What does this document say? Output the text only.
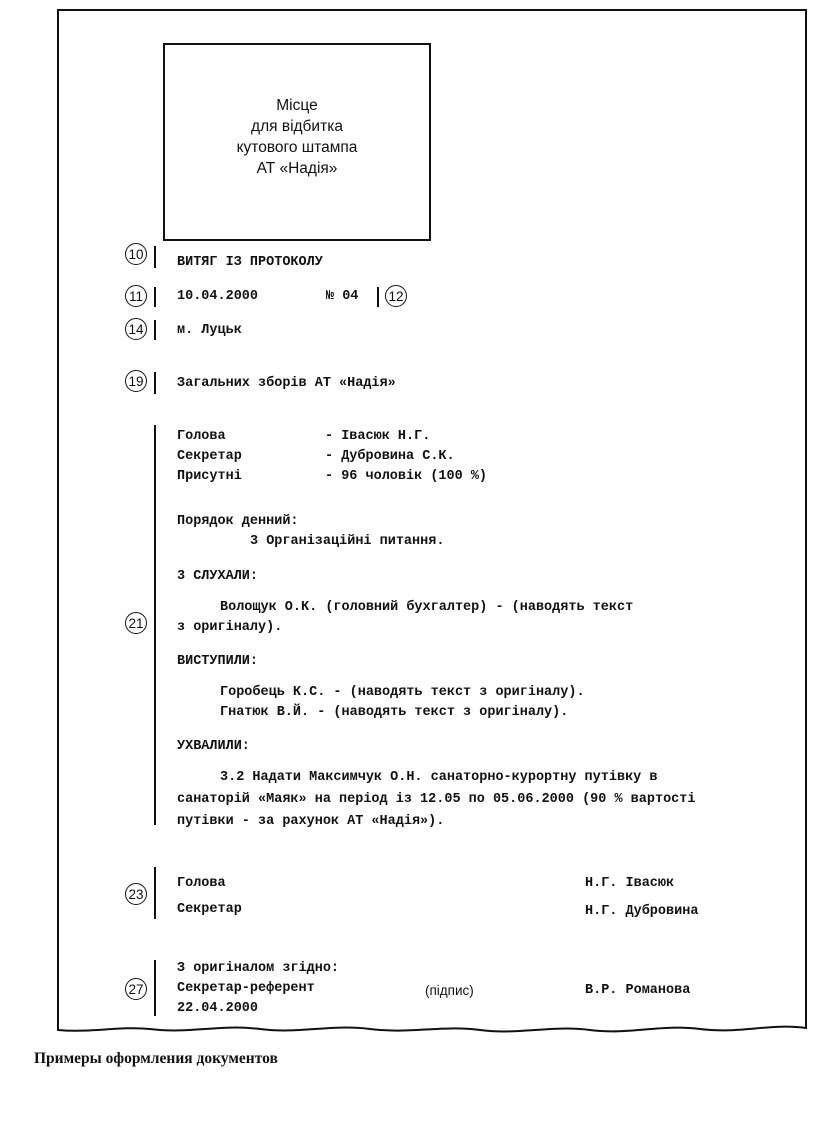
Місце
для відбитка
кутового штампа
АТ «Надія»
10
11	12
14
19
21
23
27
ВИТЯГ ІЗ ПРОТОКОЛУ
10.04.2000	№ 04
м. Луцьк
Загальних зборів АТ «Надія»
Голова	- Івасюк Н.Г.
Секретар	- Дубровина С.К.
Присутні	- 96 чоловік (100 %)
Порядок денний:
3 Організаційні питання.
3 СЛУХАЛИ:
Волощук О.К. (головний бухгалтер) - (наводять текст
з оригіналу).
ВИСТУПИЛИ:
Горобець К.С. - (наводять текст з оригіналу).
Гнатюк В.Й. - (наводять текст з оригіналу).
УХВАЛИЛИ:
3.2 Надати Максимчук О.Н. санаторно-курортну путівку в
санаторій «Маяк» на період із 12.05 по 05.06.2000 (90 % вартості
путівки - за рахунок АТ «Надія»).
Голова	Н.Г. Івасюк
Секретар	Н.Г. Дубровина
З оригіналом згідно:
Секретар-референт	(підпис)	В.Р. Романова
22.04.2000
Примеры оформления документов
